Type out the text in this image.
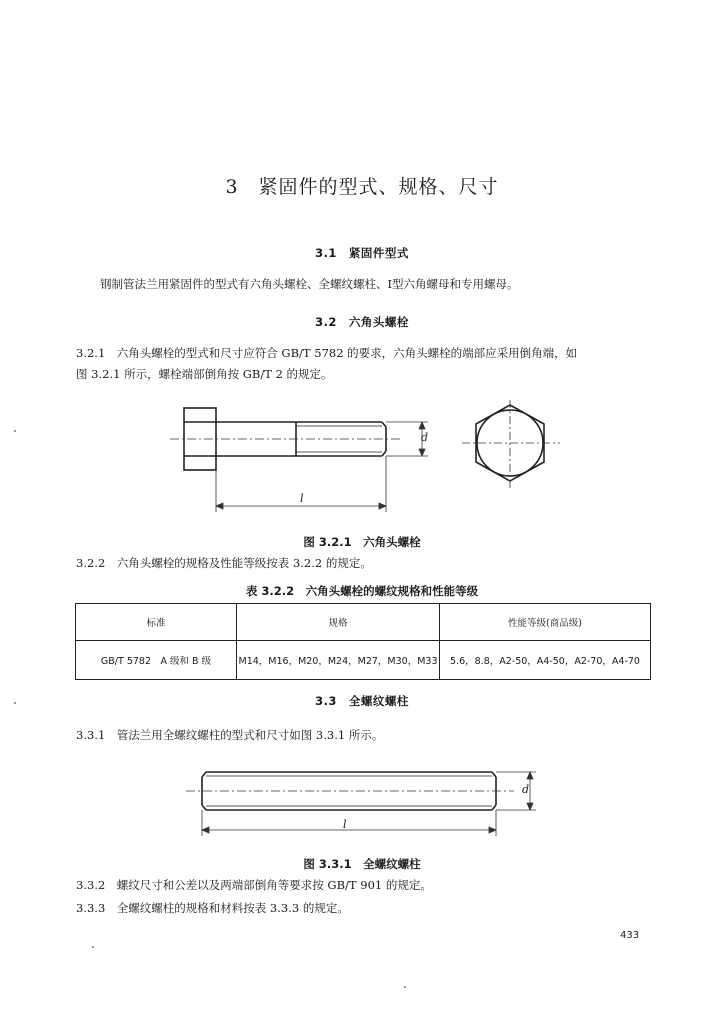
3　紧固件的型式、规格、尺寸
3.1　紧固件型式
钢制管法兰用紧固件的型式有六角头螺栓、全螺纹螺柱、I型六角螺母和专用螺母。
3.2　六角头螺栓
3.2.1　六角头螺栓的型式和尺寸应符合 GB/T 5782 的要求，六角头螺栓的端部应采用倒角端，如
图 3.2.1 所示，螺栓端部倒角按 GB/T 2 的规定。
d
l
图 3.2.1　六角头螺栓
3.2.2　六角头螺栓的规格及性能等级按表 3.2.2 的规定。
表 3.2.2　六角头螺栓的螺纹规格和性能等级
标准	规格	性能等级(商品级)
GB/T 5782　A 级和 B 级	M14，M16，M20，M24，M27，M30，M33	5.6，8.8，A2-50，A4-50，A2-70，A4-70
3.3　全螺纹螺柱
3.3.1　管法兰用全螺纹螺柱的型式和尺寸如图 3.3.1 所示。
d
l
图 3.3.1　全螺纹螺柱
3.3.2　螺纹尺寸和公差以及两端部倒角等要求按 GB/T 901 的规定。
3.3.3　全螺纹螺柱的规格和材料按表 3.3.3 的规定。
433
